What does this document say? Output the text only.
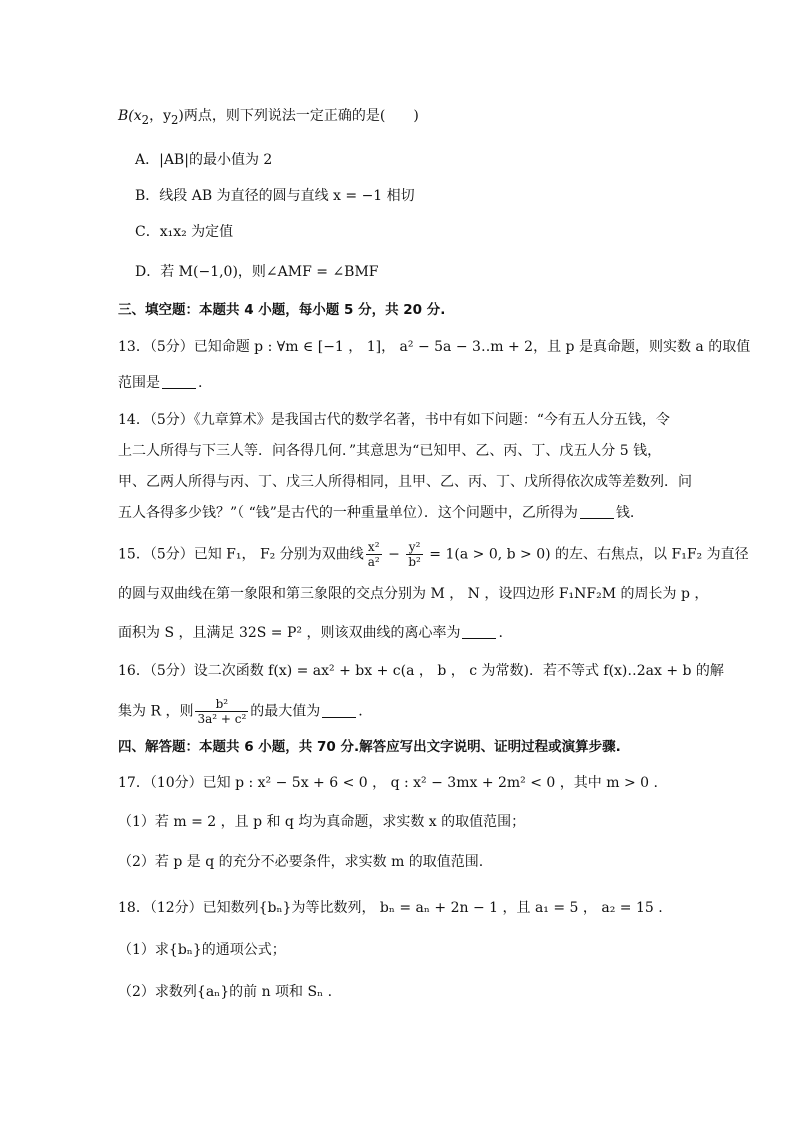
$B(x_2$，$y_2$)两点，则下列说法一定正确的是(　　)
A．|AB|的最小值为 2
B．线段 AB 为直径的圆与直线 x = −1 相切
C．x₁x₂ 为定值
D．若 M(−1,0)，则∠AMF = ∠BMF
三、填空题：本题共 4 小题，每小题 5 分，共 20 分.
13．（5分）已知命题 p : ∀m ∈ [−1 ， 1]， a² − 5a − 3‥m + 2，且 p 是真命题，则实数 a 的取值
范围是	.
14．（5分）《九章算术》是我国古代的数学名著，书中有如下问题：“今有五人分五钱，令
上二人所得与下三人等．问各得几何．”其意思为“已知甲、乙、丙、丁、戊五人分 5 钱，
甲、乙两人所得与丙、丁、戊三人所得相同，且甲、乙、丙、丁、戊所得依次成等差数列．问
五人各得多少钱？”（ “钱”是古代的一种重量单位）．这个问题中，乙所得为	钱.
15．（5分）已知 F₁， F₂ 分别为双曲线 $\frac{\text{x²}}{\text{a²}} - \frac{\text{y²}}{\text{b²}} = 1(a > 0$, b > 0) 的左、右焦点，以 F₁F₂ 为直径
的圆与双曲线在第一象限和第三象限的交点分别为 M ， N ，设四边形 F₁NF₂M 的周长为 p ，
面积为 S ，且满足 32S = P² ，则该双曲线的离心率为	.
16．（5分）设二次函数 f(x) = ax² + bx + c(a ， b ， c 为常数)．若不等式 f(x)‥2ax + b 的解
集为 R ，则 $\frac{\text{b²}}{\text{3a² + c²}}$ 的最大值为	.
四、解答题：本题共 6 小题，共 70 分.解答应写出文字说明、证明过程或演算步骤.
17．（10分）已知 p : x² − 5x + 6 < 0 ， q : x² − 3mx + 2m² < 0 ，其中 m > 0 .
（1）若 m = 2 ，且 p 和 q 均为真命题，求实数 x 的取值范围；
（2）若 p 是 q 的充分不必要条件，求实数 m 的取值范围.
18．（12分）已知数列{bₙ}为等比数列， bₙ = aₙ + 2n − 1 ，且 a₁ = 5 ， a₂ = 15 .
（1）求{bₙ}的通项公式；
（2）求数列{aₙ}的前 n 项和 Sₙ .
